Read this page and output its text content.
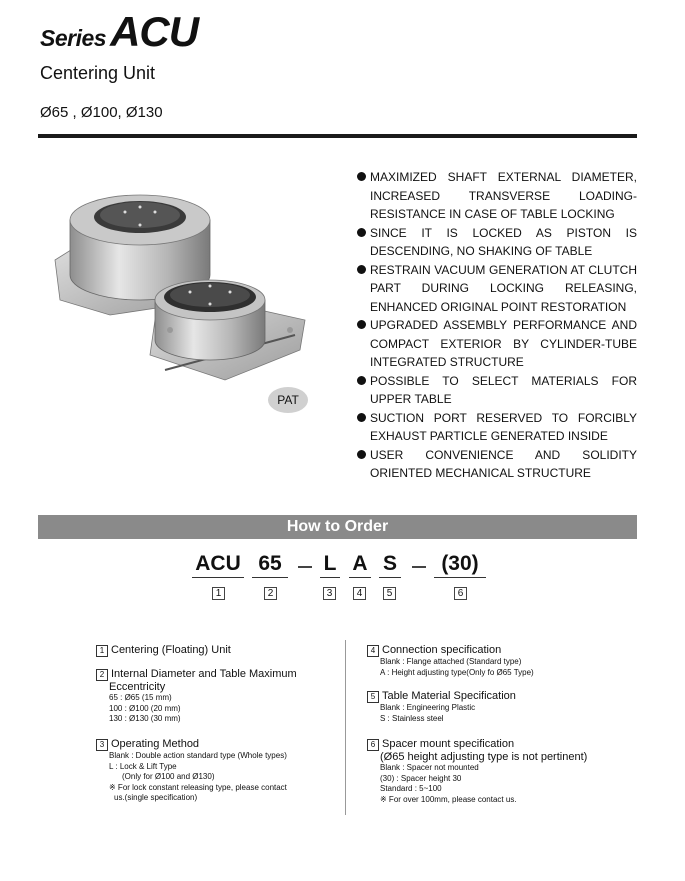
SeriesACU
Centering Unit
Ø65 , Ø100, Ø130
PAT
MAXIMIZED SHAFT EXTERNAL DIAMETER, INCREASED TRANSVERSE LOADING-RESISTANCE IN CASE OF TABLE LOCKING
SINCE IT IS LOCKED AS PISTON IS DESCENDING, NO SHAKING OF TABLE
RESTRAIN VACUUM GENERATION AT CLUTCH PART DURING LOCKING RELEASING, ENHANCED ORIGINAL POINT RESTORATION
UPGRADED ASSEMBLY PERFORMANCE AND COMPACT EXTERIOR BY CYLINDER-TUBE INTEGRATED STRUCTURE
POSSIBLE TO SELECT MATERIALS FOR UPPER TABLE
SUCTION PORT RESERVED TO FORCIBLY EXHAUST PARTICLE GENERATED INSIDE
USER CONVENIENCE AND SOLIDITY ORIENTED MECHANICAL STRUCTURE
How to Order
ACU 65	L A S	(30)
1	2	3	4	5	6
1 Centering (Floating) Unit
2 Internal Diameter and Table Maximum
Eccentricity
65 : Ø65 (15 mm)
100 : Ø100 (20 mm)
130 : Ø130 (30 mm)
3 Operating Method
Blank : Double action standard type (Whole types)
L : Lock & Lift Type
(Only for Ø100 and Ø130)
※ For lock constant releasing type, please contact
us.(single specification)
4 Connection specification
Blank : Flange attached (Standard type)
A : Height adjusting type(Only fo Ø65 Type)
5 Table Material Specification
Blank : Engineering Plastic
S : Stainless steel
6 Spacer mount specification
(Ø65 height adjusting type is not pertinent)
Blank : Spacer not mounted
(30) : Spacer height 30
Standard : 5~100
※ For over 100mm, please contact us.
